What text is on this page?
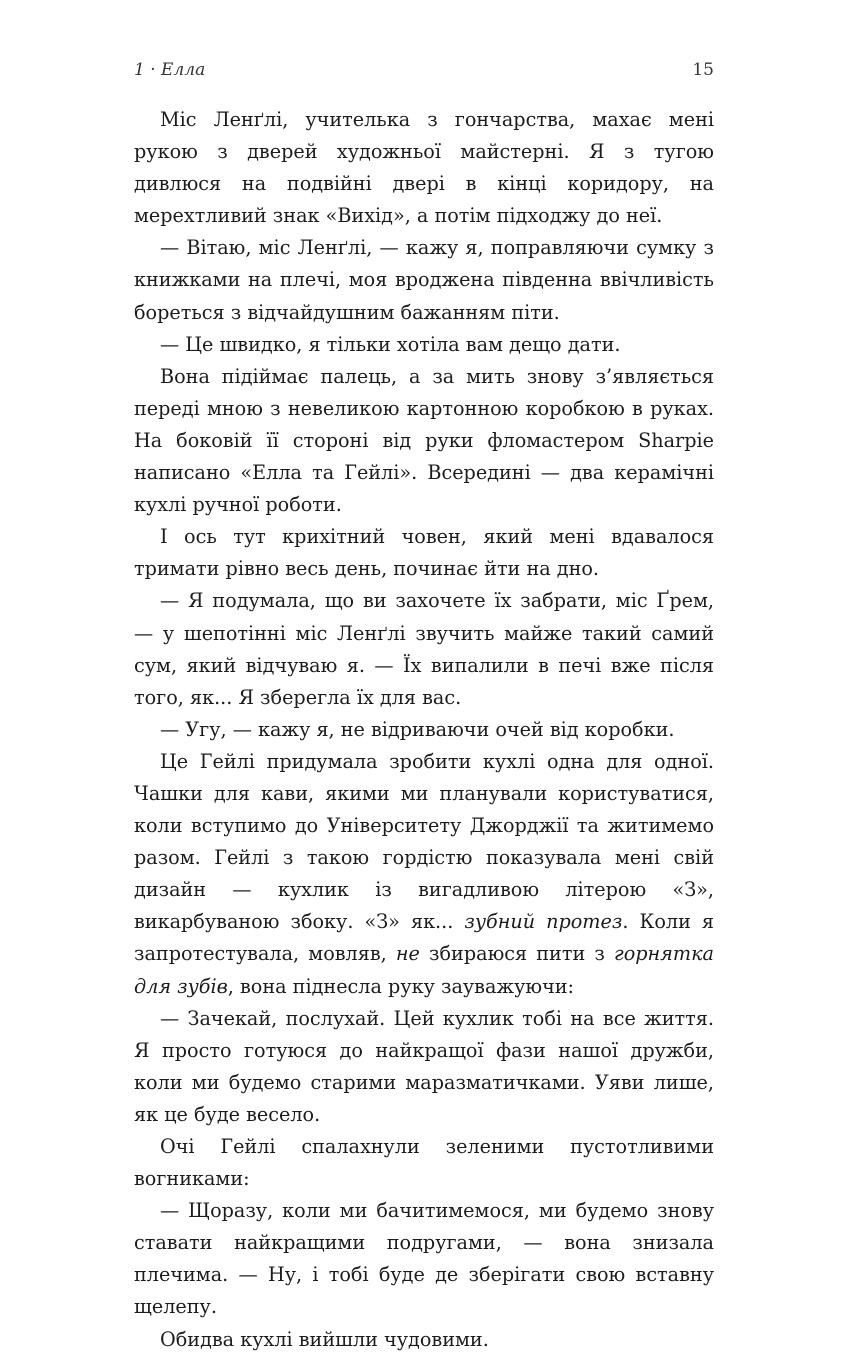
1 · Елла	15

Міс Ленґлі, учителька з гончарства, махає мені рукою з дверей художньої майстерні. Я з тугою дивлюся на подвійні двері в кінці коридору, на мерехтливий знак «Вихід», а потім підходжу до неї.

— Вітаю, міс Ленґлі, — кажу я, поправляючи сумку з книжками на плечі, моя вроджена південна ввічливість бореться з відчайдушним бажанням піти.

— Це швидко, я тільки хотіла вам дещо дати.

Вона підіймає палець, а за мить знову з’являється переді мною з невеликою картонною коробкою в руках. На боковій її стороні від руки фломастером Sharpie написано «Елла та Гейлі». Всередині — два керамічні кухлі ручної роботи.

І ось тут крихітний човен, який мені вдавалося тримати рівно весь день, починає йти на дно.

— Я подумала, що ви захочете їх забрати, міс Ґрем, — у шепотінні міс Ленґлі звучить майже такий самий сум, який відчуваю я. — Їх випалили в печі вже після того, як... Я зберегла їх для вас.

— Угу, — кажу я, не відриваючи очей від коробки.

Це Гейлі придумала зробити кухлі одна для одної. Чашки для кави, якими ми планували користуватися, коли вступимо до Університету Джорджії та житимемо разом. Гейлі з такою гордістю показувала мені свій дизайн — кухлик із вигадливою літерою «З», викарбуваною збоку. «З» як... зубний протез. Коли я запротестувала, мовляв, не збираюся пити з горнятка для зубів, вона піднесла руку зауважуючи:

— Зачекай, послухай. Цей кухлик тобі на все життя. Я просто готуюся до найкращої фази нашої дружби, коли ми будемо старими маразматичками. Уяви лише, як це буде весело.

Очі Гейлі спалахнули зеленими пустотливими вогниками:

— Щоразу, коли ми бачитимемося, ми будемо знову ставати найкращими подругами, — вона знизала плечима. — Ну, і тобі буде де зберігати свою вставну щелепу.

Обидва кухлі вийшли чудовими.
